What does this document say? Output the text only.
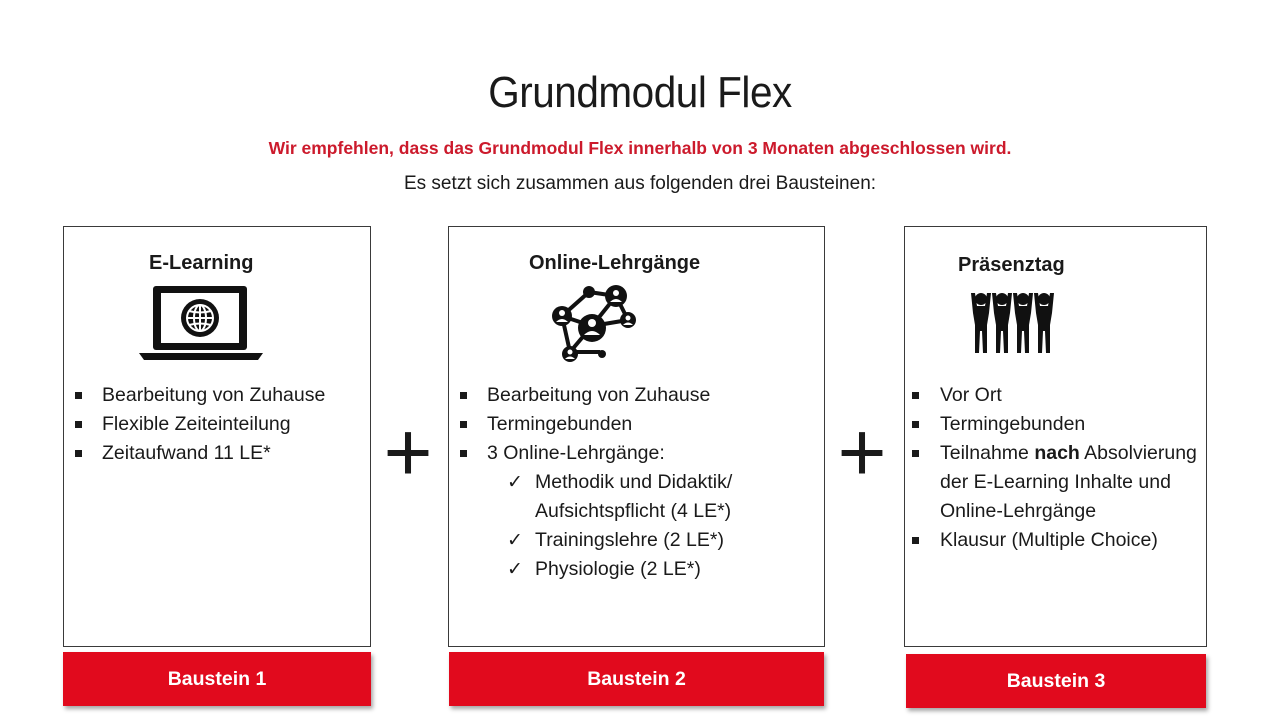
Grundmodul Flex
Wir empfehlen, dass das Grundmodul Flex innerhalb von 3 Monaten abgeschlossen wird.
Es setzt sich zusammen aus folgenden drei Bausteinen:
E-Learning
Bearbeitung von Zuhause
Flexible Zeiteinteilung
Zeitaufwand 11 LE*	+
Online-Lehrgänge
Bearbeitung von Zuhause
Termingebunden
3 Online-Lehrgänge:
✓ Methodik und Didaktik/ Aufsichtspflicht (4 LE*)
✓ Trainingslehre (2 LE*)
✓ Physiologie (2 LE*)
+
Präsenztag
Vor Ort
Termingebunden
Teilnahme nach Absolvierung der E-Learning Inhalte und Online-Lehrgänge
Klausur (Multiple Choice)
Baustein 1	Baustein 2	Baustein 3
